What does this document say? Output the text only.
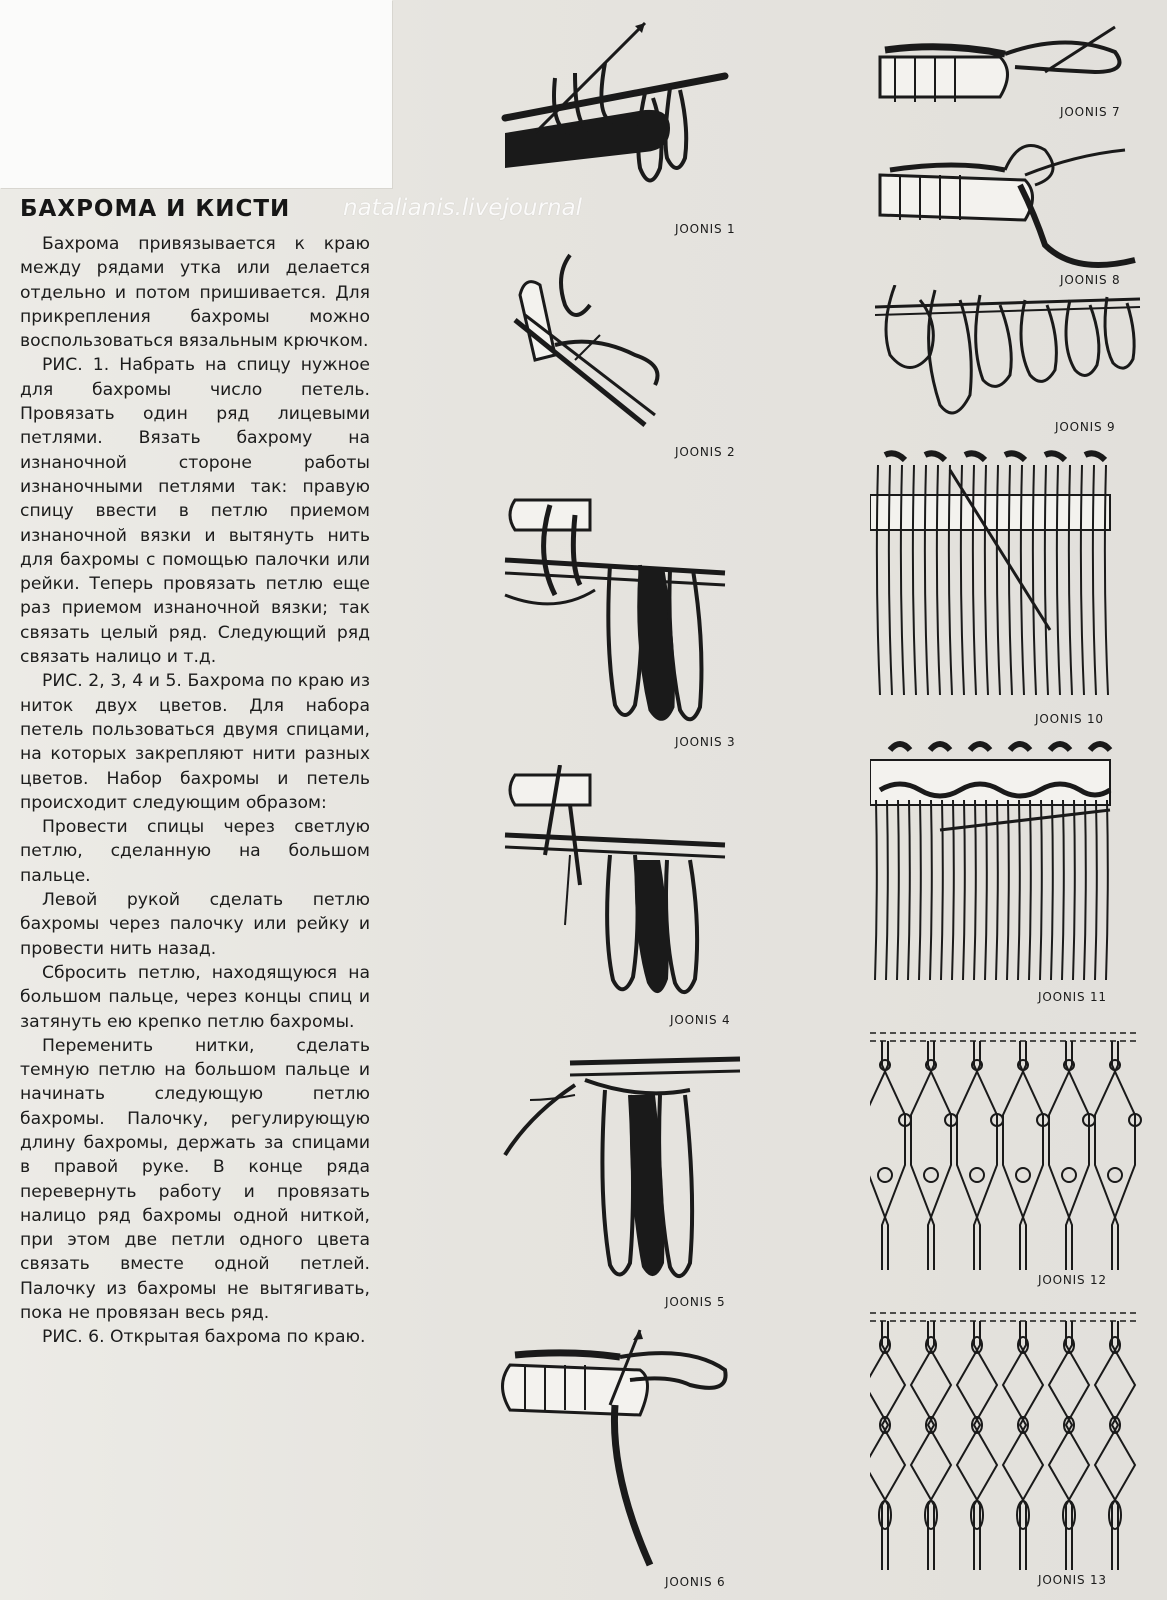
БАХРОМА И КИСТИ natalianis.livejournal

Бахрома привязывается к краю между рядами утка или делается отдельно и потом пришивается. Для прикрепления бахромы можно воспользоваться вязальным крючком.

РИС. 1. Набрать на спицу нужное для бахромы число петель. Провязать один ряд лицевыми петлями. Вязать бахрому на изнаночной стороне работы изнаночными петлями так: правую спицу ввести в петлю приемом изнаночной вязки и вытянуть нить для бахромы с помощью палочки или рейки. Теперь провязать петлю еще раз приемом изнаночной вязки; так связать целый ряд. Следующий ряд связать налицо и т.д.

РИС. 2, 3, 4 и 5. Бахрома по краю из ниток двух цветов. Для набора петель пользоваться двумя спицами, на которых закрепляют нити разных цветов. Набор бахромы и петель происходит следующим образом:

Провести спицы через светлую петлю, сделанную на большом пальце.

Левой рукой сделать петлю бахромы через палочку или рейку и провести нить назад.

Сбросить петлю, находящуюся на большом пальце, через концы спиц и затянуть ею крепко петлю бахромы.

Переменить нитки, сделать темную петлю на большом пальце и начинать следующую петлю бахромы. Палочку, регулирующую длину бахромы, держать за спицами в правой руке. В конце ряда перевернуть работу и провязать налицо ряд бахромы одной ниткой, при этом две петли одного цвета связать вместе одной петлей. Палочку из бахромы не вытягивать, пока не провязан весь ряд.

РИС. 6. Открытая бахрома по краю.

JOONIS 1
JOONIS 2
JOONIS 3
JOONIS 4
JOONIS 5
JOONIS 6
JOONIS 7
JOONIS 8
JOONIS 9
JOONIS 10
JOONIS 11
JOONIS 12
JOONIS 13
